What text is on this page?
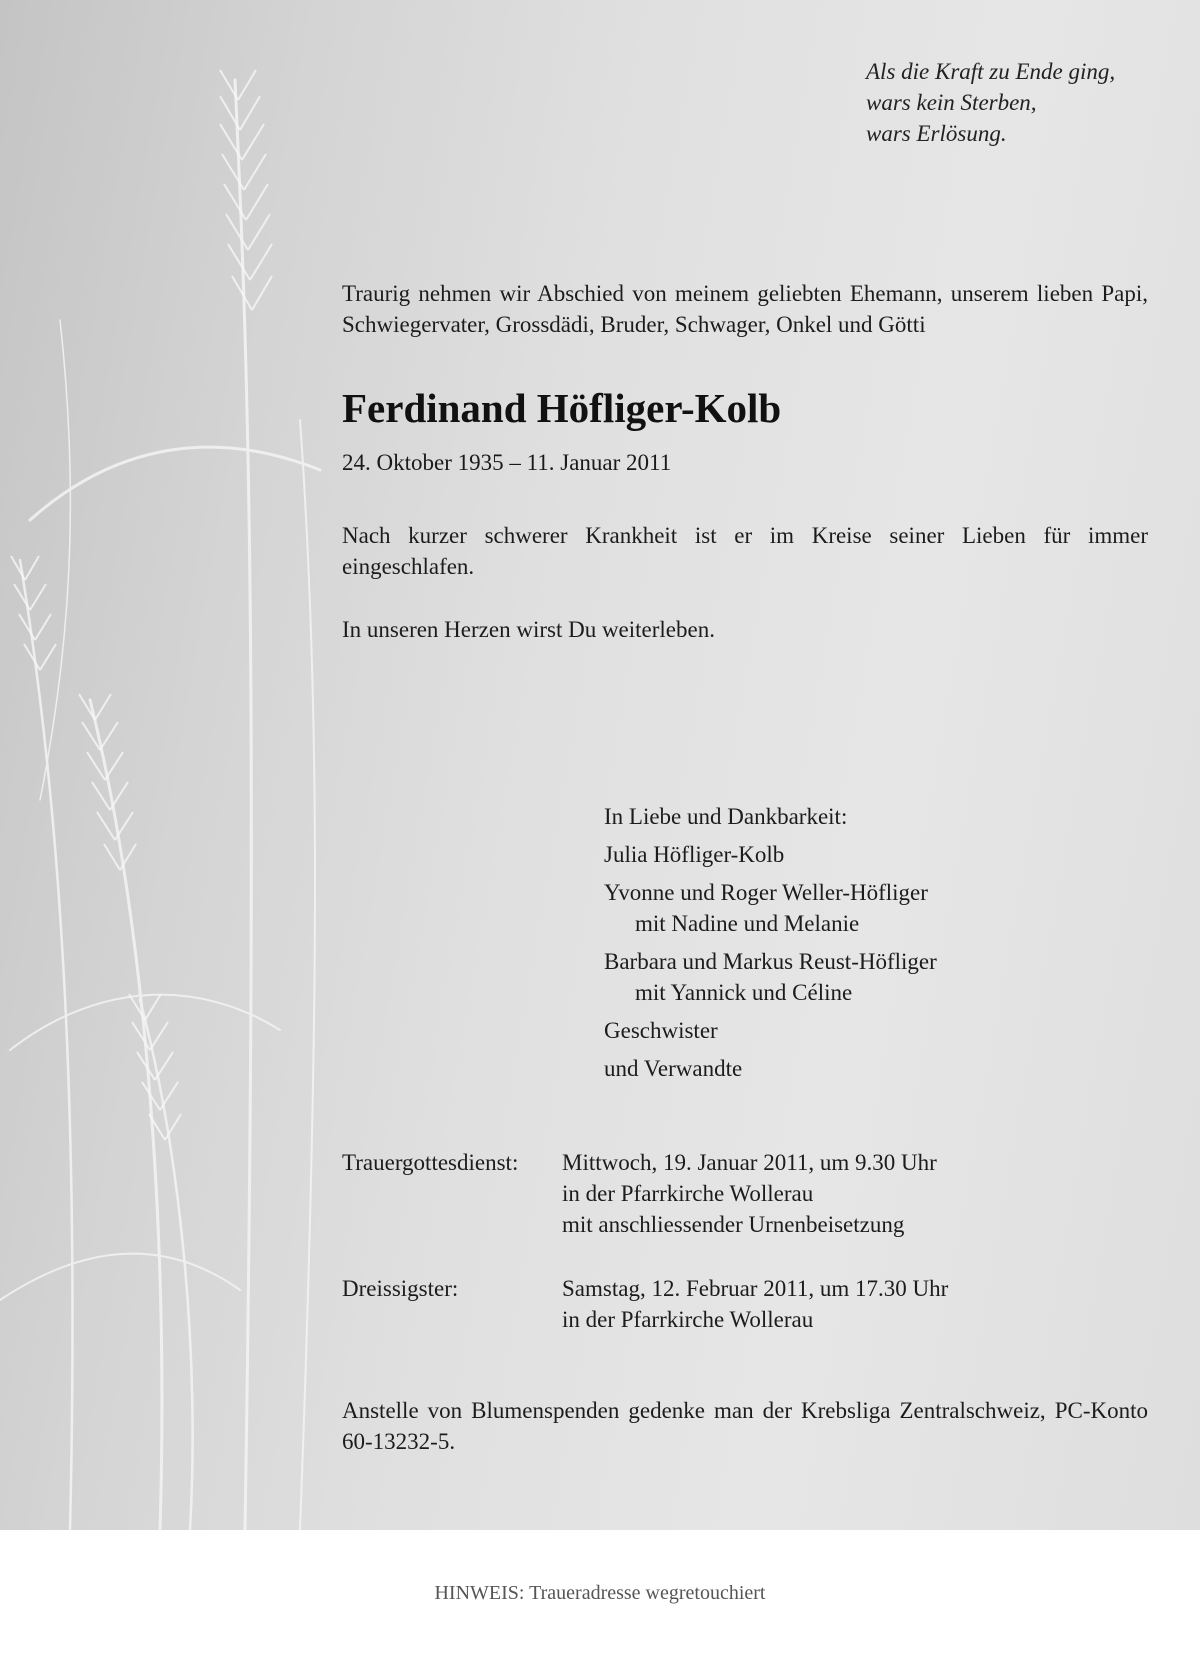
Als die Kraft zu Ende ging,
wars kein Sterben,
wars Erlösung.
Traurig nehmen wir Abschied von meinem geliebten Ehemann, unserem lieben Papi, Schwiegervater, Grossdädi, Bruder, Schwager, Onkel und Götti
Ferdinand Höfliger-Kolb
24. Oktober 1935 – 11. Januar 2011
Nach kurzer schwerer Krankheit ist er im Kreise seiner Lieben für immer eingeschlafen.
In unseren Herzen wirst Du weiterleben.
In Liebe und Dankbarkeit:
Julia Höfliger-Kolb
Yvonne und Roger Weller-Höfliger
mit Nadine und Melanie
Barbara und Markus Reust-Höfliger
mit Yannick und Céline
Geschwister
und Verwandte
Trauergottesdienst: Mittwoch, 19. Januar 2011, um 9.30 Uhr
in der Pfarrkirche Wollerau
mit anschliessender Urnenbeisetzung
Dreissigster:	Samstag, 12. Februar 2011, um 17.30 Uhr
in der Pfarrkirche Wollerau
Anstelle von Blumenspenden gedenke man der Krebsliga Zentralschweiz, PC-Konto 60-13232-5.
HINWEIS: Traueradresse wegretouchiert
